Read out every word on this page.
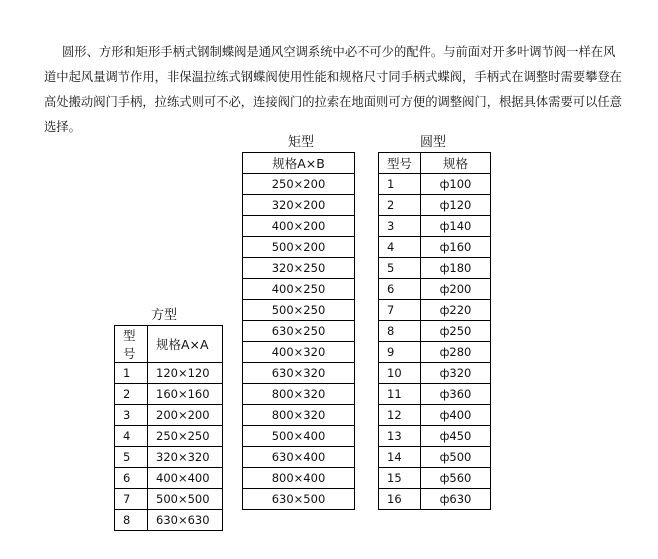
圆形、方形和矩形手柄式钢制蝶阀是通风空调系统中必不可少的配件。与前面对开多叶调节阀一样在风道中起风量调节作用，非保温拉练式钢蝶阀使用性能和规格尺寸同手柄式蝶阀，手柄式在调整时需要攀登在高处搬动阀门手柄，拉练式则可不必，连接阀门的拉索在地面则可方便的调整阀门，根据具体需要可以任意选择。

矩型
规格A×B
250×200
320×200
400×200
500×200
320×250
400×250
500×250
630×250
400×320
630×320
800×320
800×320
500×400
630×400
800×400
630×500
圆型
型号	规格
1	ф100
2	ф120
3	ф140
4	ф160
5	ф180
6	ф200
7	ф220
8	ф250
9	ф280
10	ф320
11	ф360
12	ф400
13	ф450
14	ф500
15	ф560
16	ф630
方型
型号	规格A×A
1	120×120
2	160×160
3	200×200
4	250×250
5	320×320
6	400×400
7	500×500
8	630×630
